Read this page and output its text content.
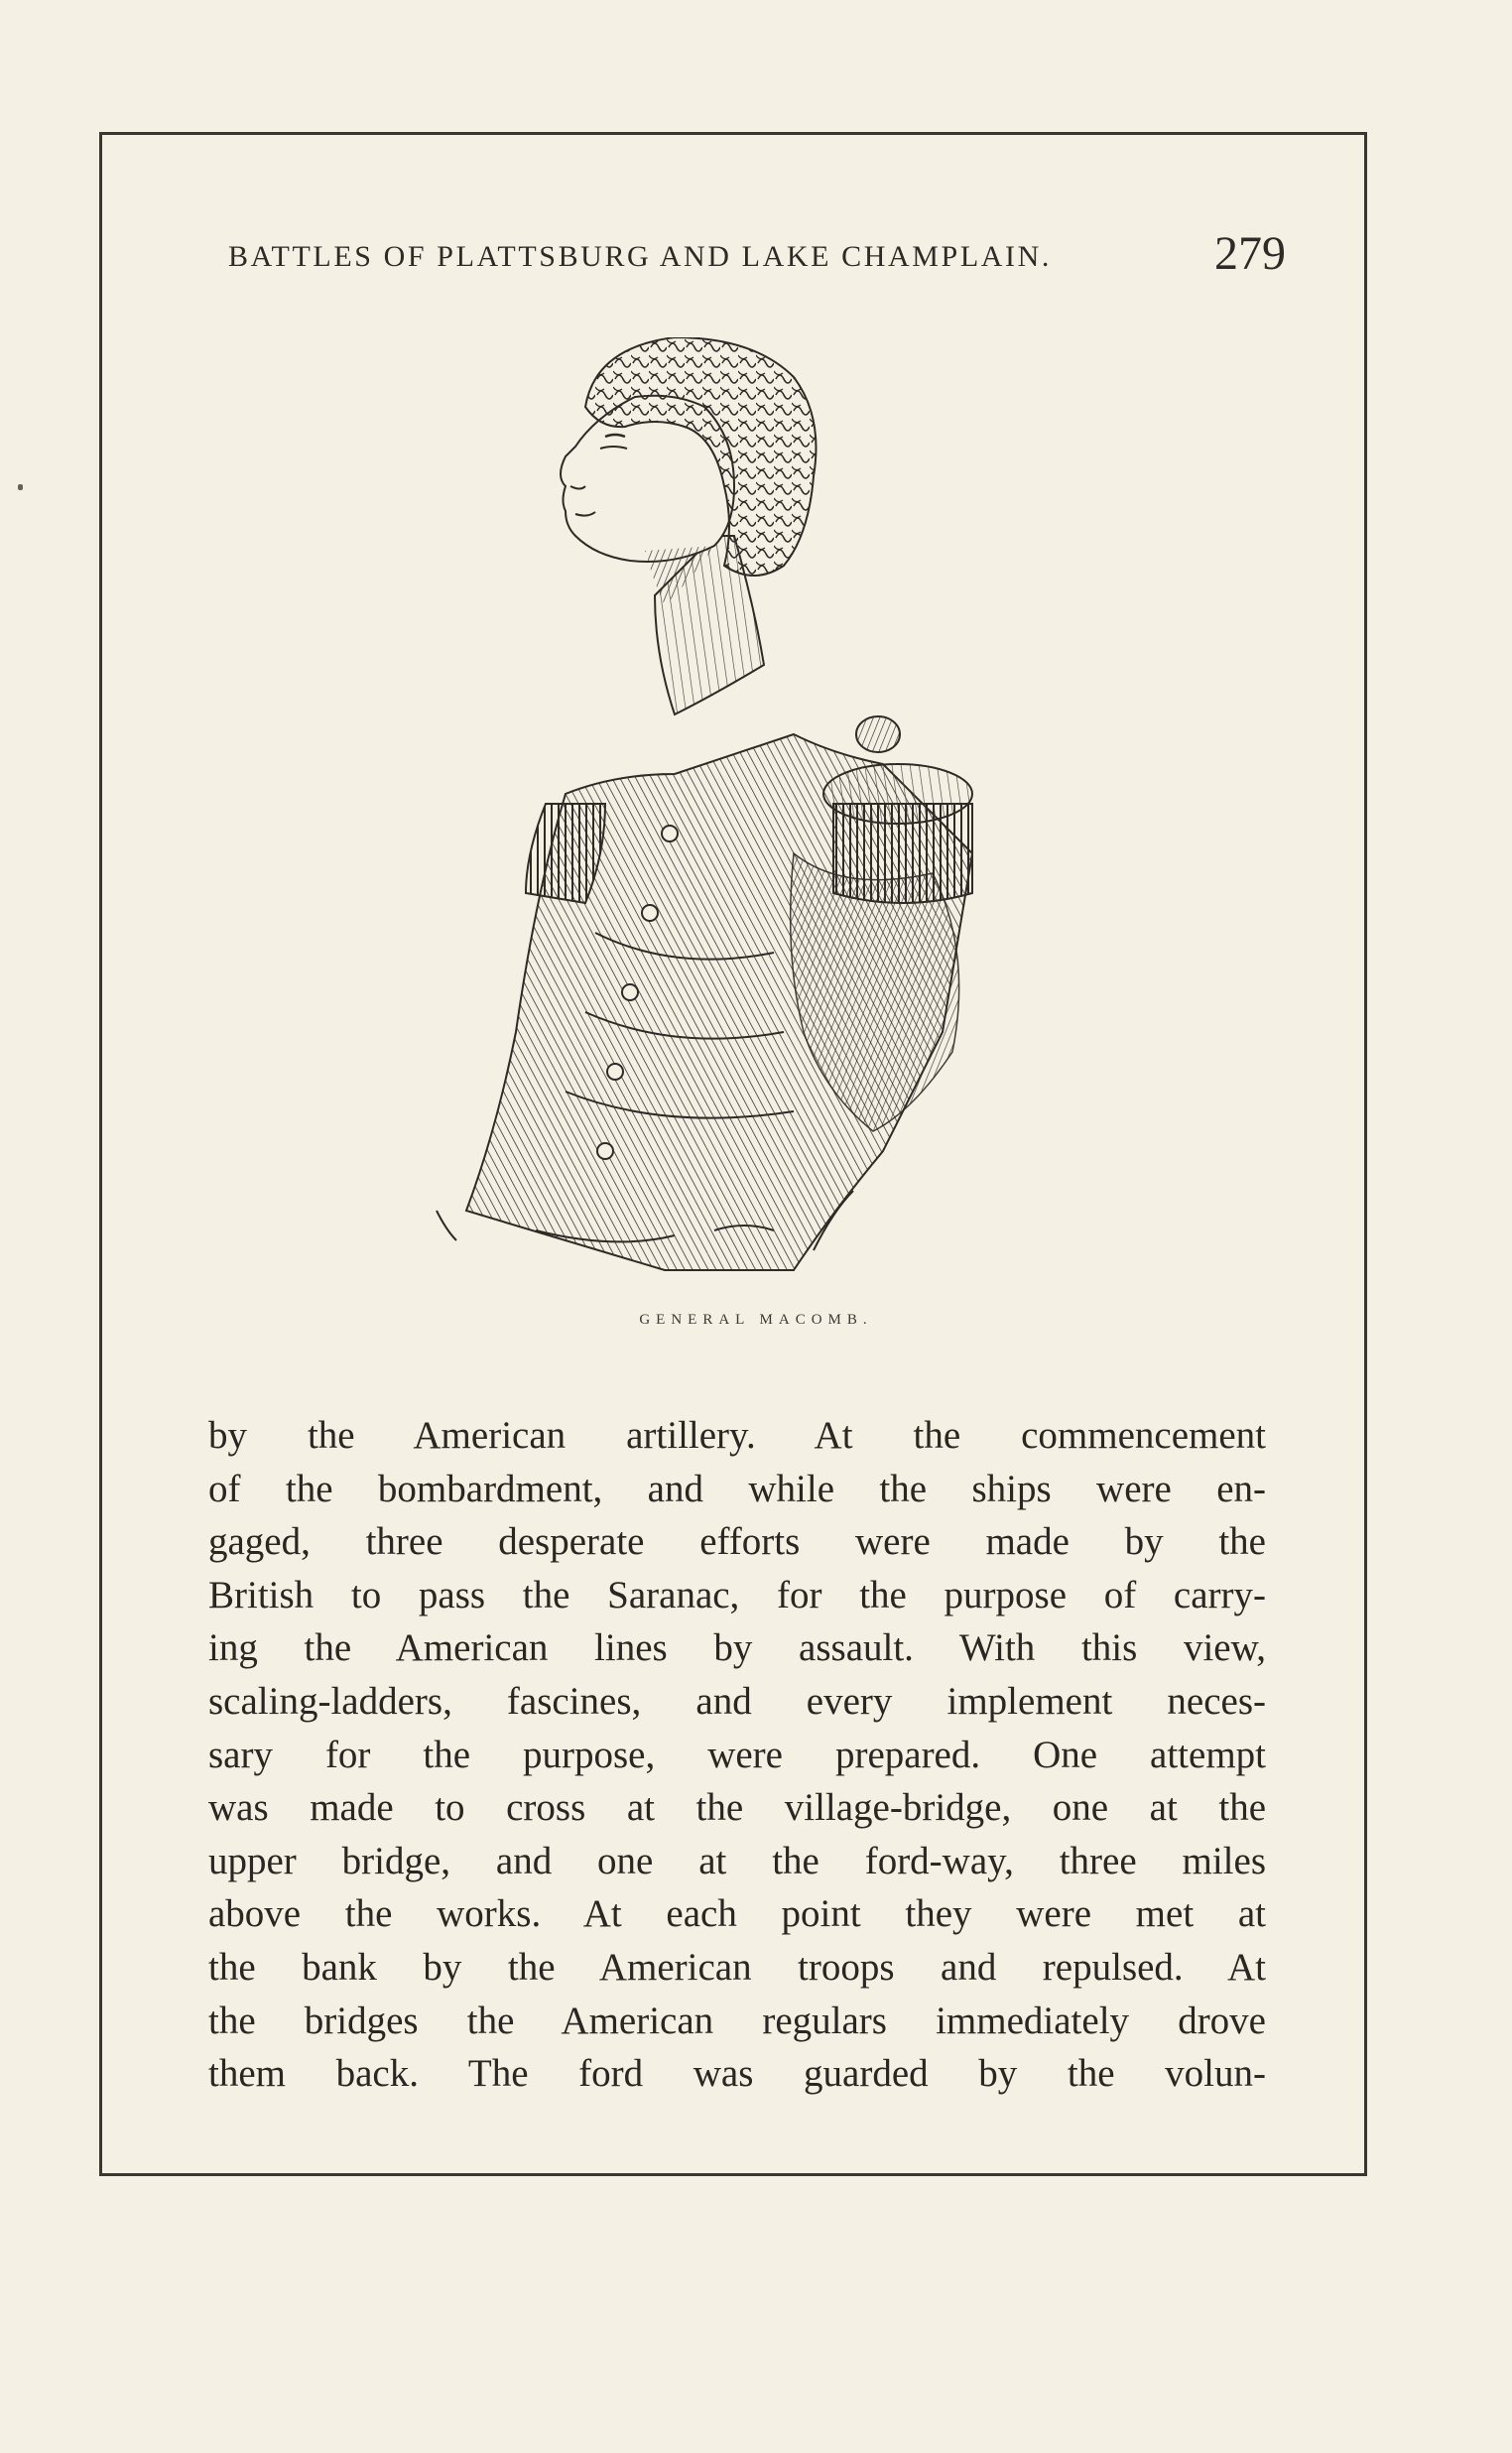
BATTLES OF PLATTSBURG AND LAKE CHAMPLAIN.	279
GENERAL MACOMB.
by the American artillery. At the commencement
of the bombardment, and while the ships were en-
gaged, three desperate efforts were made by the
British to pass the Saranac, for the purpose of carry-
ing the American lines by assault. With this view,
scaling-ladders, fascines, and every implement neces-
sary for the purpose, were prepared. One attempt
was made to cross at the village-bridge, one at the
upper bridge, and one at the ford-way, three miles
above the works. At each point they were met at
the bank by the American troops and repulsed. At
the bridges the American regulars immediately drove
them back. The ford was guarded by the volun-
